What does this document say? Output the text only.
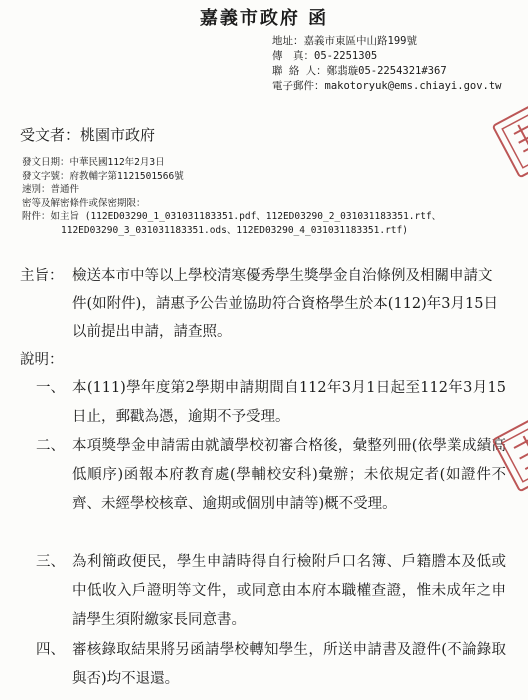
嘉義市政府 函
地址：嘉義市東區中山路199號
傳　真：05-2251305
聯 絡 人：鄭翡璇05-2254321#367
電子郵件：makotoryuk@ems.chiayi.gov.tw
受文者：桃園市政府
發文日期：中華民國112年2月3日
發文字號：府教輔字第1121501566號
速別：普通件
密等及解密條件或保密期限：
附件：如主旨 (112ED03290_1_031031183351.pdf、112ED03290_2_031031183351.rtf、
112ED03290_3_031031183351.ods、112ED03290_4_031031183351.rtf)
主旨： 檢送本市中等以上學校清寒優秀學生獎學金自治條例及相關申請文件(如附件)，請惠予公告並協助符合資格學生於本(112)年3月15日以前提出申請，請查照。
說明：
一、 本(111)學年度第2學期申請期間自112年3月1日起至112年3月15日止，郵戳為憑，逾期不予受理。
二、 本項獎學金申請需由就讀學校初審合格後，彙整列冊(依學業成績高低順序)函報本府教育處(學輔校安科)彙辦；未依規定者(如證件不齊、未經學校核章、逾期或個別申請等)概不受理。
三、 為利簡政便民，學生申請時得自行檢附戶口名簿、戶籍謄本及低或中低收入戶證明等文件，或同意由本府本職權查證，惟未成年之申請學生須附繳家長同意書。
四、 審核錄取結果將另函請學校轉知學生，所送申請書及證件(不論錄取與否)均不退還。
